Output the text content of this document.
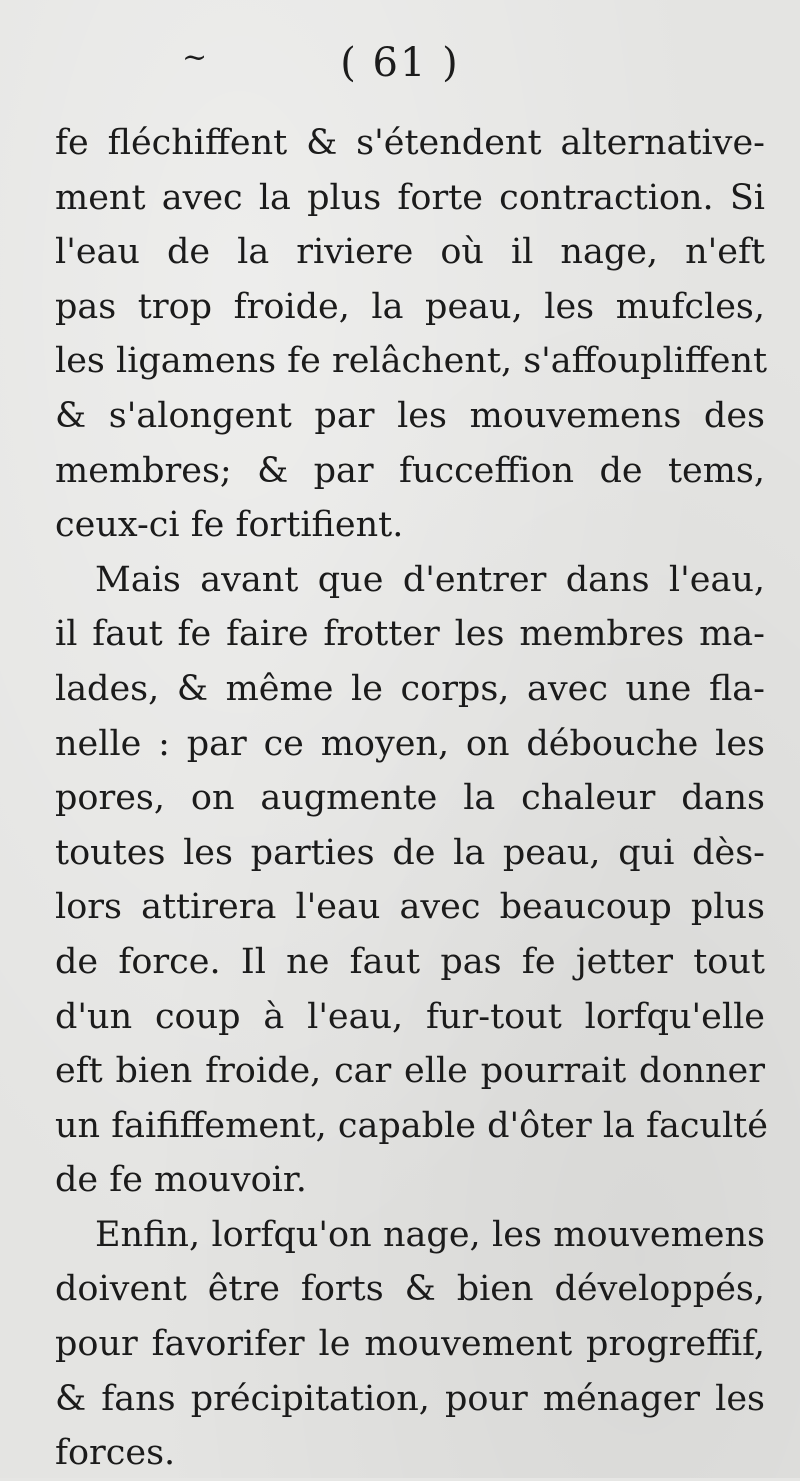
~	( 61 )
fe fléchiffent & s'étendent alternative-
ment avec la plus forte contraction. Si
l'eau de la riviere où il nage, n'eft
pas trop froide, la peau, les mufcles,
les ligamens fe relâchent, s'affoupliffent
& s'alongent par les mouvemens des
membres; & par fucceffion de tems,
ceux-ci fe fortifient.
Mais avant que d'entrer dans l'eau,
il faut fe faire frotter les membres ma-
lades, & même le corps, avec une fla-
nelle : par ce moyen, on débouche les
pores, on augmente la chaleur dans
toutes les parties de la peau, qui dès-
lors attirera l'eau avec beaucoup plus
de force. Il ne faut pas fe jetter tout
d'un coup à l'eau, fur-tout lorfqu'elle
eft bien froide, car elle pourrait donner
un faififfement, capable d'ôter la faculté
de fe mouvoir.
Enfin, lorfqu'on nage, les mouvemens
doivent être forts & bien développés,
pour favorifer le mouvement progreffif,
& fans précipitation, pour ménager les
forces.
